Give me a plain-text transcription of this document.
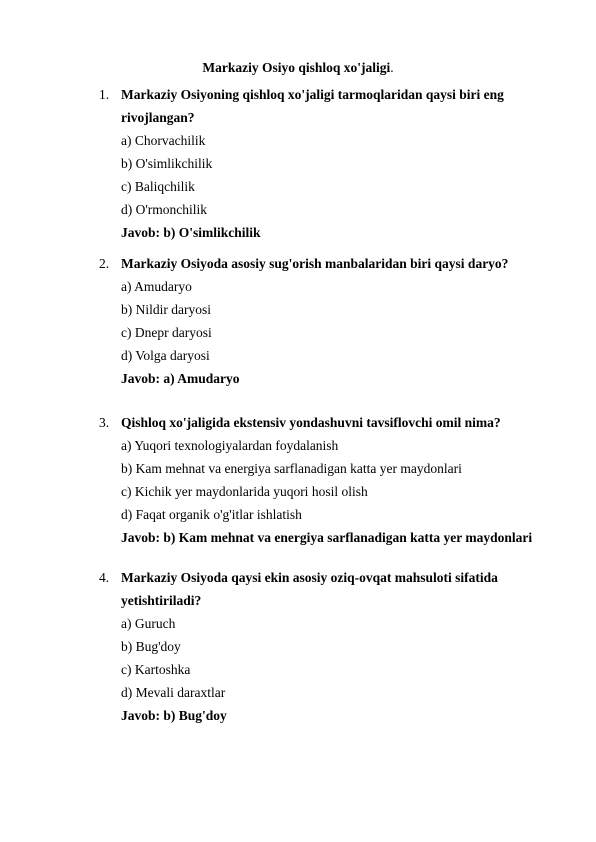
Markaziy Osiyo qishloq xo'jaligi.
1. Markaziy Osiyoning qishloq xo'jaligi tarmoqlaridan qaysi biri eng rivojlangan?
a) Chorvachilik
b) O'simlikchilik
c) Baliqchilik
d) O'rmonchilik
Javob: b) O'simlikchilik
2. Markaziy Osiyoda asosiy sug'orish manbalaridan biri qaysi daryo?
a) Amudaryo
b) Nildir daryosi
c) Dnepr daryosi
d) Volga daryosi
Javob: a) Amudaryo
3. Qishloq xo'jaligida ekstensiv yondashuvni tavsiflovchi omil nima?
a) Yuqori texnologiyalardan foydalanish
b) Kam mehnat va energiya sarflanadigan katta yer maydonlari
c) Kichik yer maydonlarida yuqori hosil olish
d) Faqat organik o'g'itlar ishlatish
Javob: b) Kam mehnat va energiya sarflanadigan katta yer maydonlari
4. Markaziy Osiyoda qaysi ekin asosiy oziq-ovqat mahsuloti sifatida yetishtiriladi?
a) Guruch
b) Bug'doy
c) Kartoshka
d) Mevali daraxtlar
Javob: b) Bug'doy
